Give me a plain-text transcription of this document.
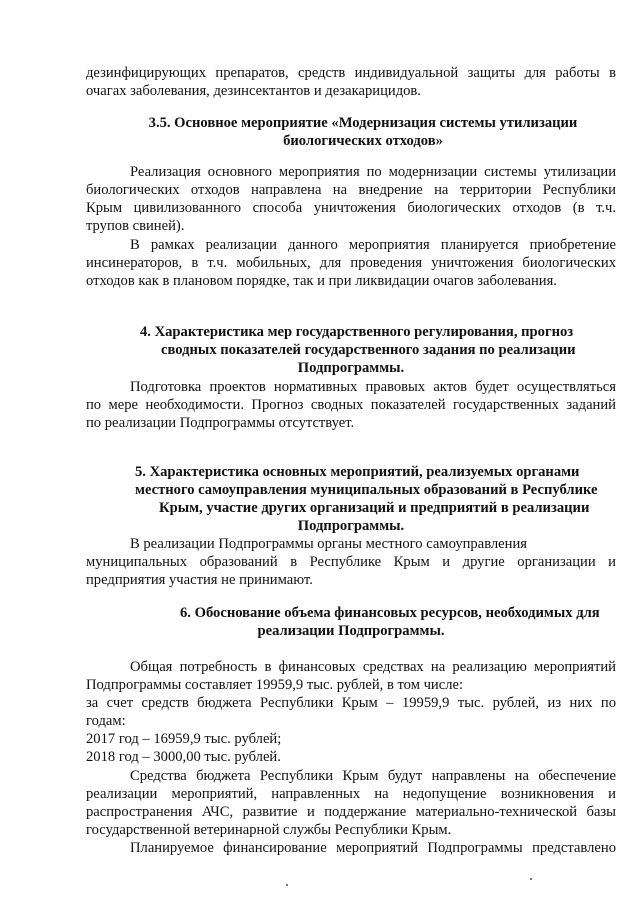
дезинфицирующих препаратов, средств индивидуальной защиты для работы в
очагах заболевания, дезинсектантов и дезакарицидов.
3.5. Основное мероприятие «Модернизация системы утилизации
биологических отходов»
Реализация основного мероприятия по модернизации системы утилизации
биологических отходов направлена на внедрение на территории Республики
Крым цивилизованного способа уничтожения биологических отходов (в т.ч.
трупов свиней).
В рамках реализации данного мероприятия планируется приобретение
инсинераторов, в т.ч. мобильных, для проведения уничтожения биологических
отходов как в плановом порядке, так и при ликвидации очагов заболевания.
4. Характеристика мер государственного регулирования, прогноз
сводных показателей государственного задания по реализации
Подпрограммы.
Подготовка проектов нормативных правовых актов будет осуществляться
по мере необходимости. Прогноз сводных показателей государственных заданий
по реализации Подпрограммы отсутствует.
5. Характеристика основных мероприятий, реализуемых органами
местного самоуправления муниципальных образований в Республике
Крым, участие других организаций и предприятий в реализации
Подпрограммы.
В реализации Подпрограммы органы местного самоуправления
муниципальных образований в Республике Крым и другие организации и
предприятия участия не принимают.
6. Обоснование объема финансовых ресурсов, необходимых для
реализации Подпрограммы.
Общая потребность в финансовых средствах на реализацию мероприятий
Подпрограммы составляет 19959,9 тыс. рублей, в том числе:
за счет средств бюджета Республики Крым – 19959,9 тыс. рублей, из них по
годам:
2017 год – 16959,9 тыс. рублей;
2018 год – 3000,00 тыс. рублей.
Средства бюджета Республики Крым будут направлены на обеспечение
реализации мероприятий, направленных на недопущение возникновения и
распространения АЧС, развитие и поддержание материально-технической базы
государственной ветеринарной службы Республики Крым.
Планируемое финансирование мероприятий Подпрограммы представлено
